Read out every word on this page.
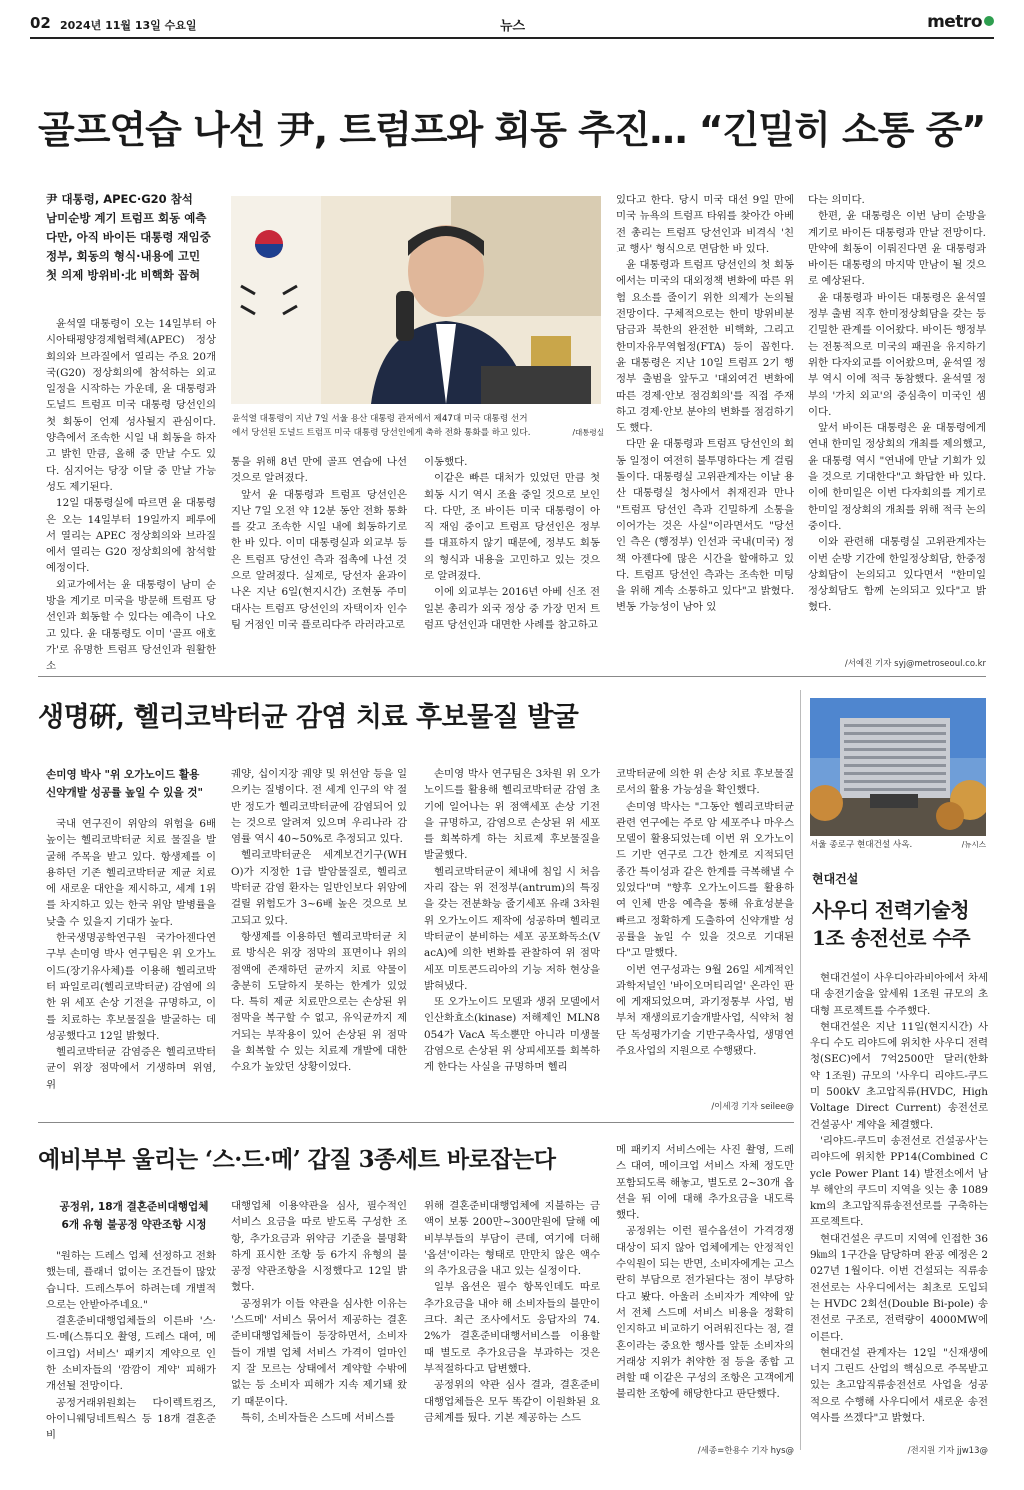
02 2024년 11월 13일 수요일	뉴스	metro
골프연습 나선 尹, 트럼프와 회동 추진… “긴밀히 소통 중”
尹 대통령, APEC·G20 참석
남미순방 계기 트럼프 회동 예측
다만, 아직 바이든 대통령 재임중
정부, 회동의 형식·내용에 고민
첫 의제 방위비·北 비핵화 꼽혀

윤석열 대통령이 오는 14일부터 아시아태평양경제협력체(APEC) 정상회의와 브라질에서 열리는 주요 20개국(G20) 정상회의에 참석하는 외교 일정을 시작하는 가운데, 윤 대통령과 도널드 트럼프 미국 대통령 당선인의 첫 회동이 언제 성사될지 관심이다. 양측에서 조속한 시일 내 회동을 하자고 밝힌 만큼, 올해 중 만날 수도 있다. 심지어는 당장 이달 중 만날 가능성도 제기된다.

12일 대통령실에 따르면 윤 대통령은 오는 14일부터 19일까지 페루에서 열리는 APEC 정상회의와 브라질에서 열리는 G20 정상회의에 참석할 예정이다.

외교가에서는 윤 대통령이 남미 순방을 계기로 미국을 방문해 트럼프 당선인과 회동할 수 있다는 예측이 나오고 있다. 윤 대통령도 이미 '골프 애호가'로 유명한 트럼프 당선인과 원활한 소

윤석열 대통령이 지난 7일 서울 용산 대통령 관저에서 제47대 미국 대통령 선거에서 당선된 도널드 트럼프 미국 대통령 당선인에게 축하 전화 통화를 하고 있다.	/대통령실

통을 위해 8년 만에 골프 연습에 나선 것으로 알려졌다.

앞서 윤 대통령과 트럼프 당선인은 지난 7일 오전 약 12분 동안 전화 통화를 갖고 조속한 시일 내에 회동하기로 한 바 있다. 이미 대통령실과 외교부 등은 트럼프 당선인 측과 접촉에 나선 것으로 알려졌다. 실제로, 당선자 윤과이 나온 지난 6일(현지시간) 조현동 주미대사는 트럼프 당선인의 자택이자 인수팀 거점인 미국 플로리다주 라러라고로

이동했다.

이같은 빠른 대처가 있었던 만큼 첫 회동 시기 역시 조율 중일 것으로 보인다. 다만, 조 바이든 미국 대통령이 아직 재임 중이고 트럼프 당선인은 정부를 대표하지 않기 때문에, 정부도 회동의 형식과 내용을 고민하고 있는 것으로 알려졌다.

이에 외교부는 2016년 아베 신조 전 일본 총리가 외국 정상 중 가장 먼저 트럼프 당선인과 대면한 사례를 참고하고

있다고 한다. 당시 미국 대선 9일 만에 미국 뉴욕의 트럼프 타워를 찾아간 아베 전 총리는 트럼프 당선인과 비격식 '친교 행사' 형식으로 면담한 바 있다.

윤 대통령과 트럼프 당선인의 첫 회동에서는 미국의 대외정책 변화에 따른 위험 요소를 줄이기 위한 의제가 논의될 전망이다. 구체적으로는 한미 방위비분담금과 북한의 완전한 비핵화, 그리고 한미자유무역협정(FTA) 등이 꼽힌다. 윤 대통령은 지난 10일 트럼프 2기 행정부 출범을 앞두고 '대외여건 변화에 따른 경제·안보 점검회의'를 직접 주재하고 경제·안보 분야의 변화를 점검하기도 했다.

다만 윤 대통령과 트럼프 당선인의 회동 일정이 여전히 불투명하다는 게 걸림돌이다. 대통령실 고위관계자는 이날 용산 대통령실 청사에서 취재진과 만나 "트럼프 당선인 측과 긴밀하게 소통을 이어가는 것은 사실"이라면서도 "당선인 측은 (행정부) 인선과 국내(미국) 정책 아젠다에 많은 시간을 할애하고 있다. 트럼프 당선인 측과는 조속한 미팅을 위해 계속 소통하고 있다"고 밝혔다. 변동 가능성이 남아 있

다는 의미다.

한편, 윤 대통령은 이번 남미 순방을 계기로 바이든 대통령과 만날 전망이다. 만약에 회동이 이뤄진다면 윤 대통령과 바이든 대통령의 마지막 만남이 될 것으로 예상된다.

윤 대통령과 바이든 대통령은 윤석열 정부 출범 직후 한미정상회담을 갖는 등 긴밀한 관계를 이어왔다. 바이든 행정부는 전통적으로 미국의 패권을 유지하기 위한 다자외교를 이어왔으며, 윤석열 정부 역시 이에 적극 동참했다. 윤석열 정부의 '가치 외교'의 중심축이 미국인 셈이다.

앞서 바이든 대통령은 윤 대통령에게 연내 한미일 정상회의 개최를 제의했고, 윤 대통령 역시 "연내에 만날 기회가 있을 것으로 기대한다"고 화답한 바 있다. 이에 한미일은 이번 다자회의를 계기로 한미일 정상회의 개최를 위해 적극 논의 중이다.

이와 관련해 대통령실 고위관계자는 이번 순방 기간에 한일정상회담, 한중정상회담이 논의되고 있다면서 "한미일 정상회담도 함께 논의되고 있다"고 밝혔다.

/서예진 기자 syj@metroseoul.co.kr
생명硏, 헬리코박터균 감염 치료 후보물질 발굴
손미영 박사 "위 오가노이드 활용
신약개발 성공률 높일 수 있을 것"

국내 연구진이 위암의 위험을 6배 높이는 헬리코박터균 치료 물질을 발굴해 주목을 받고 있다. 항생제를 이용하던 기존 헬리코박터균 제균 치료에 새로운 대안을 제시하고, 세계 1위를 차지하고 있는 한국 위암 발병률을 낮출 수 있을지 기대가 높다.

한국생명공학연구원 국가아젠다연구부 손미영 박사 연구팀은 위 오가노이드(장기유사체)를 이용해 헬리코박터 파일로리(헬리코박터균) 감염에 의한 위 세포 손상 기전을 규명하고, 이를 치료하는 후보물질을 발굴하는 데 성공했다고 12일 밝혔다.

헬리코박터균 감염증은 헬리코박터균이 위장 점막에서 기생하며 위염, 위

궤양, 십이지장 궤양 및 위선암 등을 일으키는 질병이다. 전 세계 인구의 약 절반 정도가 헬리코박터균에 감염되어 있는 것으로 알려져 있으며 우리나라 감염률 역시 40~50%로 추정되고 있다.

헬리코박터균은 세계보건기구(WHO)가 지정한 1급 발암물질로, 헬리코박터균 감염 환자는 일반인보다 위암에 걸릴 위험도가 3~6배 높은 것으로 보고되고 있다.

항생제를 이용하던 헬리코박터균 치료 방식은 위장 점막의 표면이나 위의 점액에 존재하던 균까지 치료 약물이 충분히 도달하지 못하는 한계가 있었다. 특히 제균 치료만으로는 손상된 위 점막을 복구할 수 없고, 유익균까지 제거되는 부작용이 있어 손상된 위 점막을 회복할 수 있는 치료제 개발에 대한 수요가 높았던 상황이었다.

손미영 박사 연구팀은 3차원 위 오가노이드를 활용해 헬리코박터균 감염 초기에 일어나는 위 점액세포 손상 기전을 규명하고, 감염으로 손상된 위 세포를 회복하게 하는 치료제 후보물질을 발굴했다.

헬리코박터균이 체내에 침입 시 처음 자리 잡는 위 전정부(antrum)의 특징을 갖는 전분화능 줄기세포 유래 3차원 위 오가노이드 제작에 성공하며 헬리코박터균이 분비하는 세포 공포화독소(VacA)에 의한 변화를 관찰하여 위 점막 세포 미토콘드리아의 기능 저하 현상을 밝혀냈다.

또 오가노이드 모델과 생쥐 모델에서 인산화효소(kinase) 저해제인 MLN8054가 VacA 독소뿐만 아니라 미생물 감염으로 손상된 위 상피세포를 회복하게 한다는 사실을 규명하며 헬리

코박터균에 의한 위 손상 치료 후보물질로서의 활용 가능성을 확인했다.

손미영 박사는 "그동안 헬리코박터균 관련 연구에는 주로 암 세포주나 마우스 모델이 활용되었는데 이번 위 오가노이드 기반 연구로 그간 한계로 지적되던 종간 특이성과 같은 한계를 극복해낼 수 있었다"며 "향후 오가노이드를 활용하여 인체 반응 예측을 통해 유효성분을 빠르고 정확하게 도출하여 신약개발 성공률을 높일 수 있을 것으로 기대된다"고 말했다.

이번 연구성과는 9월 26일 세계적인 과학저널인 '바이오머티리얼' 온라인 판에 게재되었으며, 과기정통부 사업, 범부처 재생의료기술개발사업, 식약처 첨단 독성평가기술 기반구축사업, 생명연 주요사업의 지원으로 수행됐다.

/이세경 기자 seilee@
예비부부 울리는 ‘스·드·메’ 갑질 3종세트 바로잡는다
공정위, 18개 결혼준비대행업체
6개 유형 불공정 약관조항 시정

"원하는 드레스 업체 선정하고 전화했는데, 플래너 없이는 조건들이 많았습니다. 드레스투어 하려는데 개별적으로는 안받아주네요."

결혼준비대행업체들의 이른바 '스·드·메(스튜디오 촬영, 드레스 대여, 메이크업) 서비스' 패키지 계약으로 인한 소비자들의 '깜깜이 계약' 피해가 개선될 전망이다.

공정거래위원회는 다이렉트컴즈, 아이니웨딩네트웍스 등 18개 결혼준비

대행업체 이용약관을 심사, 필수적인 서비스 요금을 따로 받도록 구성한 조항, 추가요금과 위약금 기준을 불명확하게 표시한 조항 등 6가지 유형의 불공정 약관조항을 시정했다고 12일 밝혔다.

공정위가 이들 약관을 심사한 이유는 '스드메' 서비스 묶어서 제공하는 결혼준비대행업체들이 등장하면서, 소비자들이 개별 업체 서비스 가격이 얼마인지 잘 모르는 상태에서 계약할 수밖에 없는 등 소비자 피해가 지속 제기돼 왔기 때문이다.

특히, 소비자들은 스드메 서비스를

위해 결혼준비대행업체에 지불하는 금액이 보통 200만~300만원에 달해 예비부부들의 부담이 큰데, 여기에 더해 '옵션'이라는 형태로 만만치 않은 액수의 추가요금을 내고 있는 실정이다.

일부 옵션은 필수 항목인데도 따로 추가요금을 내야 해 소비자들의 불만이 크다. 최근 조사에서도 응답자의 74.2%가 결혼준비대행서비스를 이용할 때 별도로 추가요금을 부과하는 것은 부적절하다고 답변했다.

공정위의 약관 심사 결과, 결혼준비대행업체들은 모두 똑같이 이원화된 요금체계를 뒀다. 기본 제공하는 스드

메 패키지 서비스에는 사진 촬영, 드레스 대여, 메이크업 서비스 자체 정도만 포함되도록 해놓고, 별도로 2~30개 옵션을 둬 이에 대해 추가요금을 내도록 했다.

공정위는 이런 필수옵션이 가격경쟁 대상이 되지 않아 업체에게는 안정적인 수익원이 되는 반면, 소비자에게는 고스란히 부담으로 전가된다는 점이 부당하다고 봤다. 아울러 소비자가 계약에 앞서 전체 스드메 서비스 비용을 정확히 인지하고 비교하기 어려워진다는 점, 결혼이라는 중요한 행사를 앞둔 소비자의 거래상 지위가 취약한 점 등을 종합 고려할 때 이같은 구성의 조항은 고객에게 불리한 조항에 해당한다고 판단했다.

/세종=한용수 기자 hys@
서울 종로구 현대건설 사옥.	/뉴시스
현대건설
사우디 전력기술청
1조 송전선로 수주

현대건설이 사우디아라비아에서 차세대 송전기술을 앞세워 1조원 규모의 초대형 프로젝트를 수주했다.

현대건설은 지난 11일(현지시간) 사우디 수도 리야드에 위치한 사우디 전력청(SEC)에서 7억2500만 달러(한화 약 1조원) 규모의 '사우디 리야드-쿠드미 500kV 초고압직류(HVDC, High Voltage Direct Current) 송전선로 건설공사' 계약을 체결했다.

'리야드-쿠드미 송전선로 건설공사'는 리야드에 위치한 PP14(Combined Cycle Power Plant 14) 발전소에서 남부 해안의 쿠드미 지역을 잇는 총 1089km의 초고압직류송전선로를 구축하는 프로젝트다.

현대건설은 쿠드미 지역에 인접한 369㎞의 1구간을 담당하며 완공 예정은 2027년 1월이다. 이번 건설되는 직류송전선로는 사우디에서는 최초로 도입되는 HVDC 2회선(Double Bi-pole) 송전선로 구조로, 전력량이 4000MW에 이른다.

현대건설 관계자는 12일 "신재생에너지 그린드 산업의 핵심으로 주목받고 있는 초고압직류송전선로 사업을 성공적으로 수행해 사우디에서 새로운 송전 역사를 쓰겠다"고 밝혔다.

/전지원 기자 jjw13@
